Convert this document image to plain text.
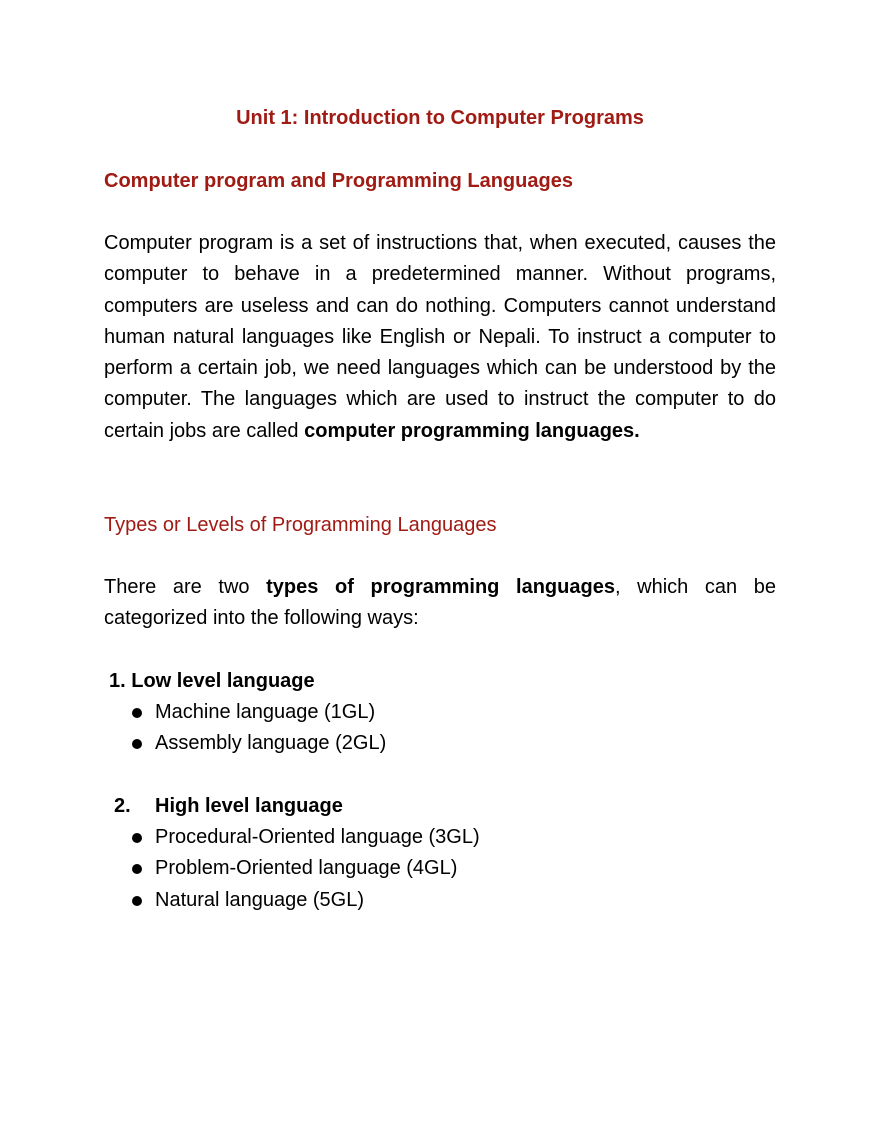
Unit 1: Introduction to Computer Programs
Computer program and Programming Languages

Computer program is a set of instructions that, when executed, causes the computer to behave in a predetermined manner. Without programs, computers are useless and can do nothing. Computers cannot understand human natural languages like English or Nepali. To instruct a computer to perform a certain job, we need languages which can be understood by the computer. The languages which are used to instruct the computer to do certain jobs are called computer programming languages.

Types or Levels of Programming Languages

There are two types of programming languages, which can be categorized into the following ways:

1. Low level language
Machine language (1GL)
Assembly language (2GL)
2. High level language
Procedural-Oriented language (3GL)
Problem-Oriented language (4GL)
Natural language (5GL)
